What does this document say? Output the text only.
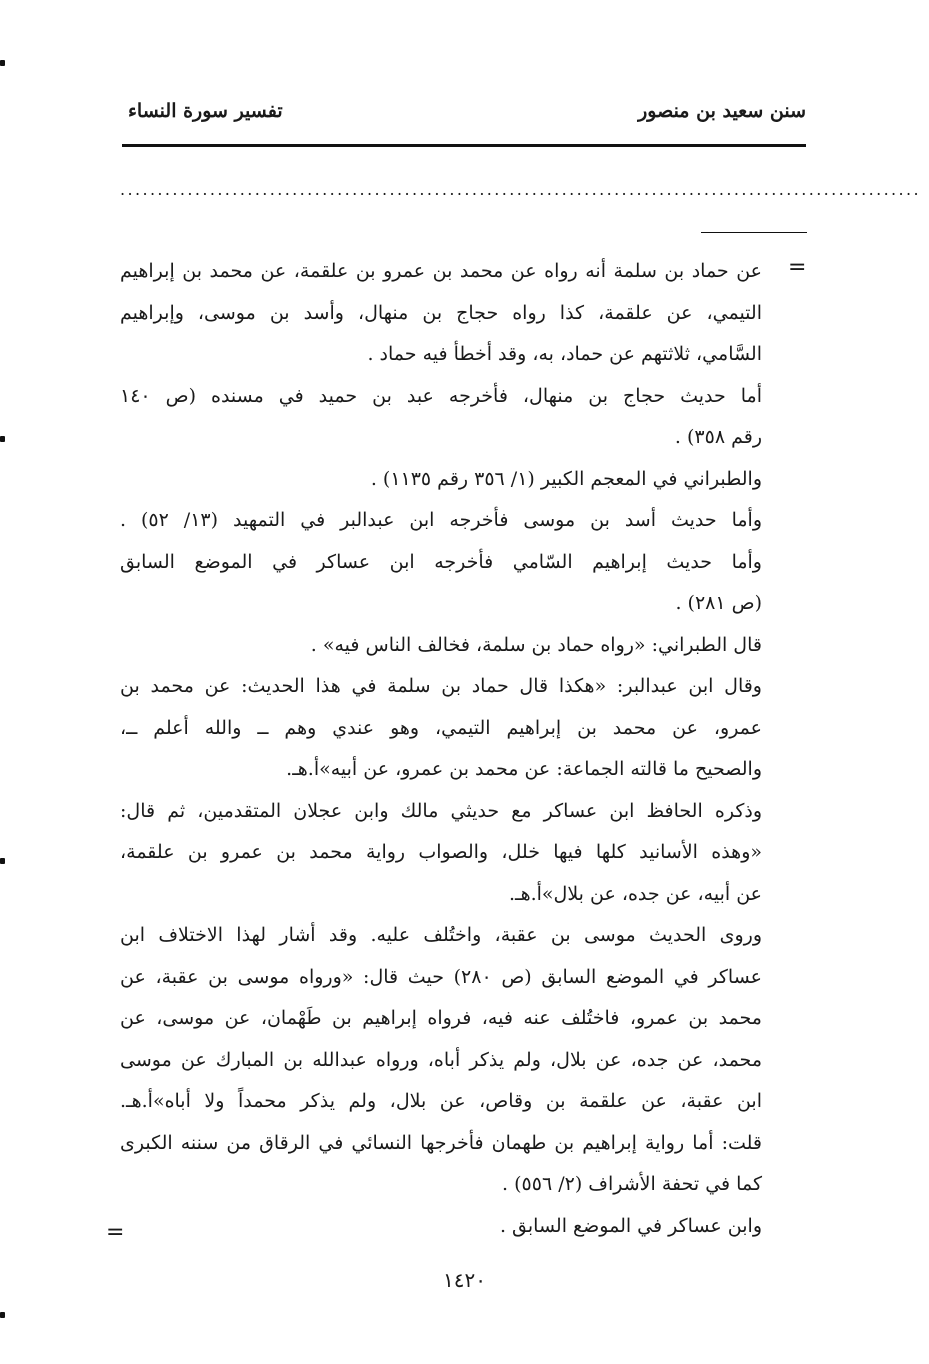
سنن سعيد بن منصور
تفسير سورة النساء
...........................................................................................................
=
عن حماد بن سلمة أنه رواه عن محمد بن عمرو بن علقمة، عن محمد بن إبراهيم
التيمي، عن علقمة، كذا رواه حجاج بن منهال، وأسد بن موسى، وإبراهيم
السَّامي، ثلاثتهم عن حماد، به، وقد أخطأ فيه حماد .
أما حديث حجاج بن منهال، فأخرجه عبد بن حميد في مسنده (ص ١٤٠
رقم ٣٥٨) .
والطبراني في المعجم الكبير (١/ ٣٥٦ رقم ١١٣٥) .
وأما حديث أسد بن موسى فأخرجه ابن عبدالبر في التمهيد (١٣/ ٥٢) .
وأما حديث إبراهيم السّامي فأخرجه ابن عساكر في الموضع السابق
(ص ٢٨١) .
قال الطبراني: «رواه حماد بن سلمة، فخالف الناس فيه» .
وقال ابن عبدالبر: «هكذا قال حماد بن سلمة في هذا الحديث: عن محمد بن
عمرو، عن محمد بن إبراهيم التيمي، وهو عندي وهم ــ والله أعلم ــ،
والصحيح ما قالته الجماعة: عن محمد بن عمرو، عن أبيه»أ.هـ.
وذكره الحافظ ابن عساكر مع حديثي مالك وابن عجلان المتقدمين، ثم قال:
«وهذه الأسانيد كلها فيها خلل، والصواب رواية محمد بن عمرو بن علقمة،
عن أبيه، عن جده، عن بلال»أ.هـ.
وروى الحديث موسى بن عقبة، واختُلف عليه. وقد أشار لهذا الاختلاف ابن
عساكر في الموضع السابق (ص ٢٨٠) حيث قال: «ورواه موسى بن عقبة، عن
محمد بن عمرو، فاختُلف عنه فيه، فرواه إبراهيم بن طَهْمان، عن موسى، عن
محمد، عن جده، عن بلال، ولم يذكر أباه، ورواه عبدالله بن المبارك عن موسى
ابن عقبة، عن علقمة بن وقاص، عن بلال، ولم يذكر محمداً ولا أباه»أ.هـ.
قلت: أما رواية إبراهيم بن طهمان فأخرجها النسائي في الرقاق من سننه الكبرى
كما في تحفة الأشراف (٢/ ٥٥٦) .
وابن عساكر في الموضع السابق .
=
١٤٢٠
